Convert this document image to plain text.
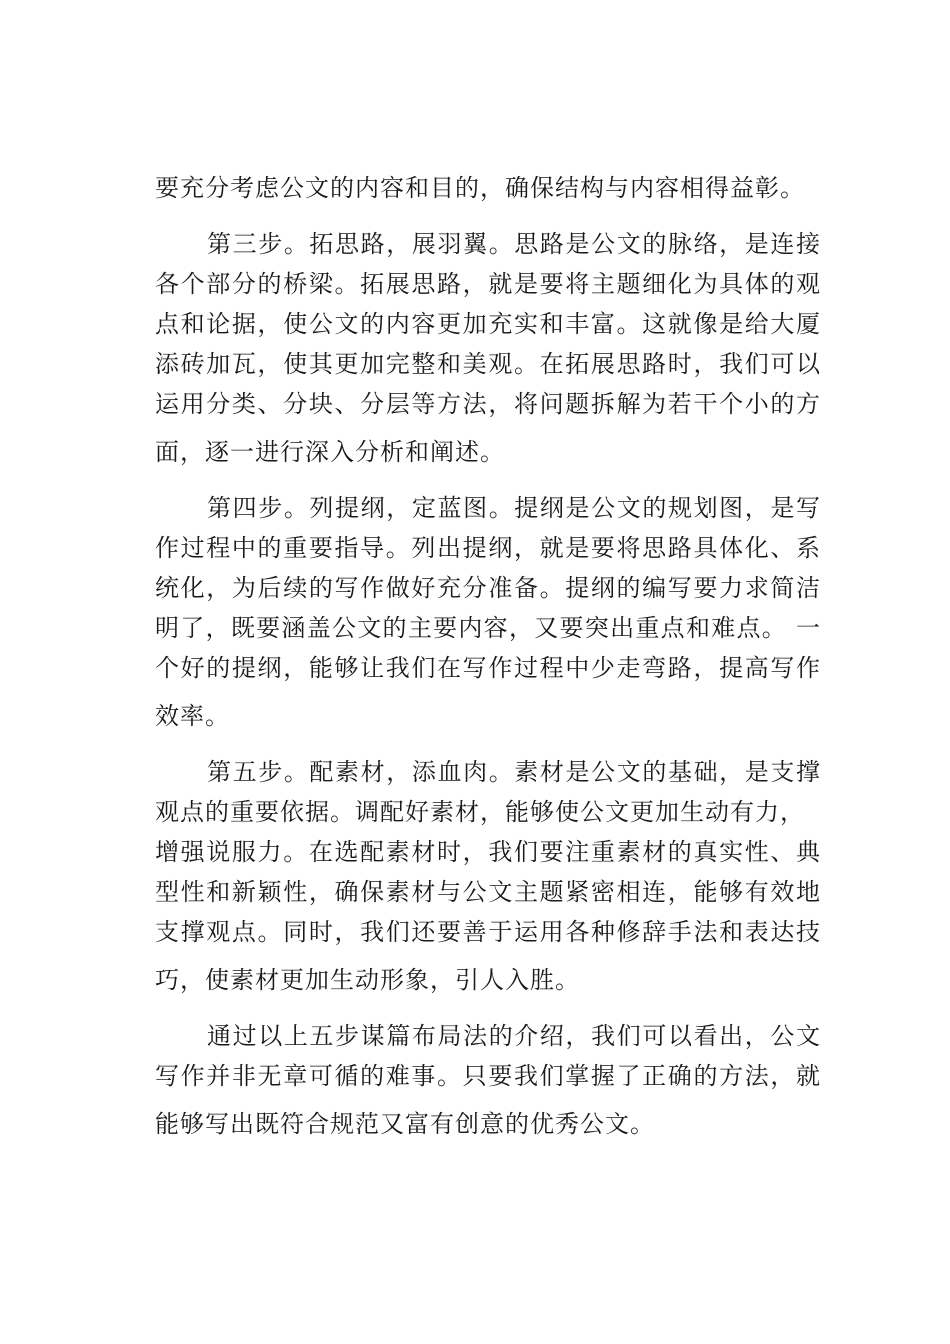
要充分考虑公文的内容和目的，确保结构与内容相得益彰。
第三步。拓思路，展羽翼。思路是公文的脉络，是连接
各个部分的桥梁。拓展思路，就是要将主题细化为具体的观
点和论据，使公文的内容更加充实和丰富。这就像是给大厦
添砖加瓦，使其更加完整和美观。在拓展思路时，我们可以
运用分类、分块、分层等方法，将问题拆解为若干个小的方
面，逐一进行深入分析和阐述。
第四步。列提纲，定蓝图。提纲是公文的规划图，是写
作过程中的重要指导。列出提纲，就是要将思路具体化、系
统化，为后续的写作做好充分准备。提纲的编写要力求简洁
明了，既要涵盖公文的主要内容，又要突出重点和难点。 一
个好的提纲，能够让我们在写作过程中少走弯路，提高写作
效率。
第五步。配素材，添血肉。素材是公文的基础，是支撑
观点的重要依据。调配好素材，能够使公文更加生动有力，
增强说服力。在选配素材时，我们要注重素材的真实性、典
型性和新颖性，确保素材与公文主题紧密相连，能够有效地
支撑观点。同时，我们还要善于运用各种修辞手法和表达技
巧，使素材更加生动形象，引人入胜。
通过以上五步谋篇布局法的介绍，我们可以看出，公文
写作并非无章可循的难事。只要我们掌握了正确的方法，就
能够写出既符合规范又富有创意的优秀公文。
